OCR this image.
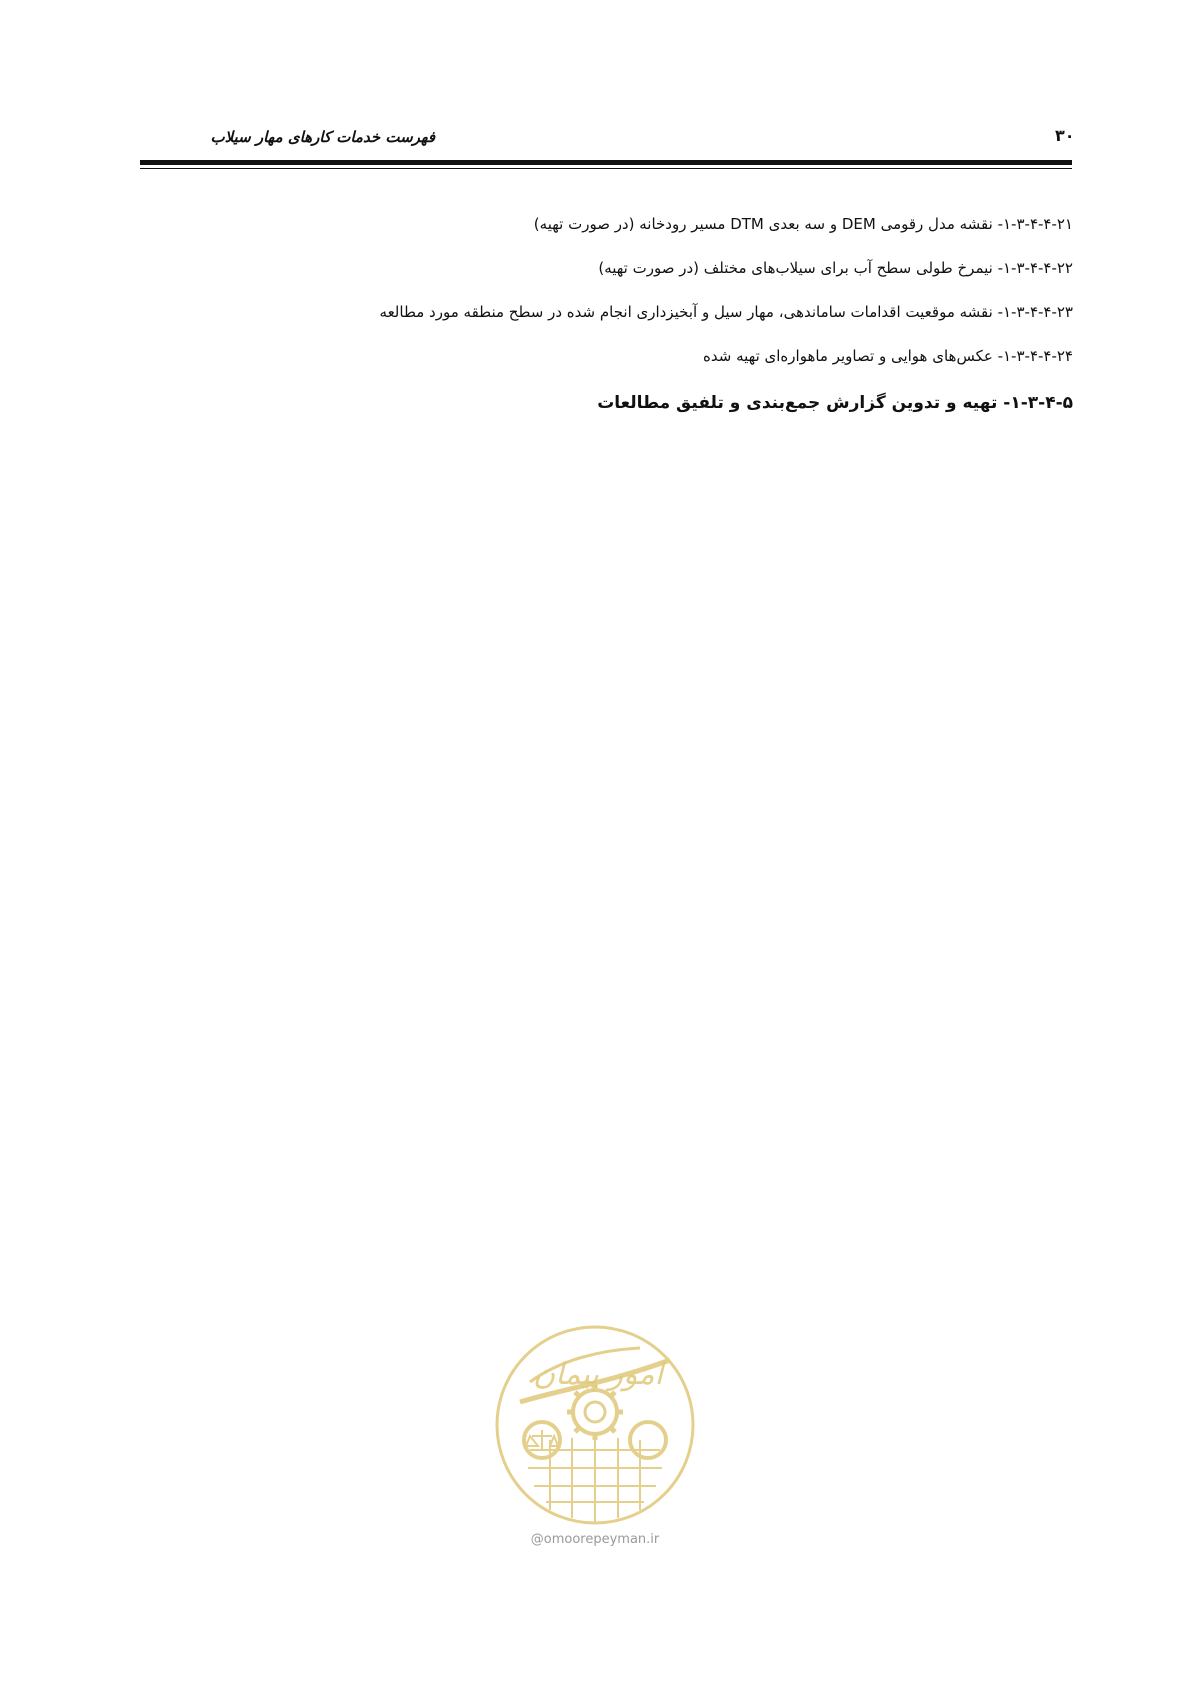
فهرست خدمات کارهای مهار سیلاب	۳۰

۱-۳-۴-۴-۲۱- نقشه مدل رقومی DEM و سه بعدی DTM مسیر رودخانه (در صورت تهیه)

۱-۳-۴-۴-۲۲- نیمرخ طولی سطح آب برای سیلاب‌های مختلف (در صورت تهیه)

۱-۳-۴-۴-۲۳- نقشه موقعیت اقدامات ساماندهی، مهار سیل و آبخیزداری انجام شده در سطح منطقه مورد مطالعه

۱-۳-۴-۴-۲۴- عکس‌های هوایی و تصاویر ماهواره‌ای تهیه شده

۱-۳-۴-۵- تهیه و تدوین گزارش جمع‌بندی و تلفیق مطالعات
امور پیمان
@omoorepeyman.ir
